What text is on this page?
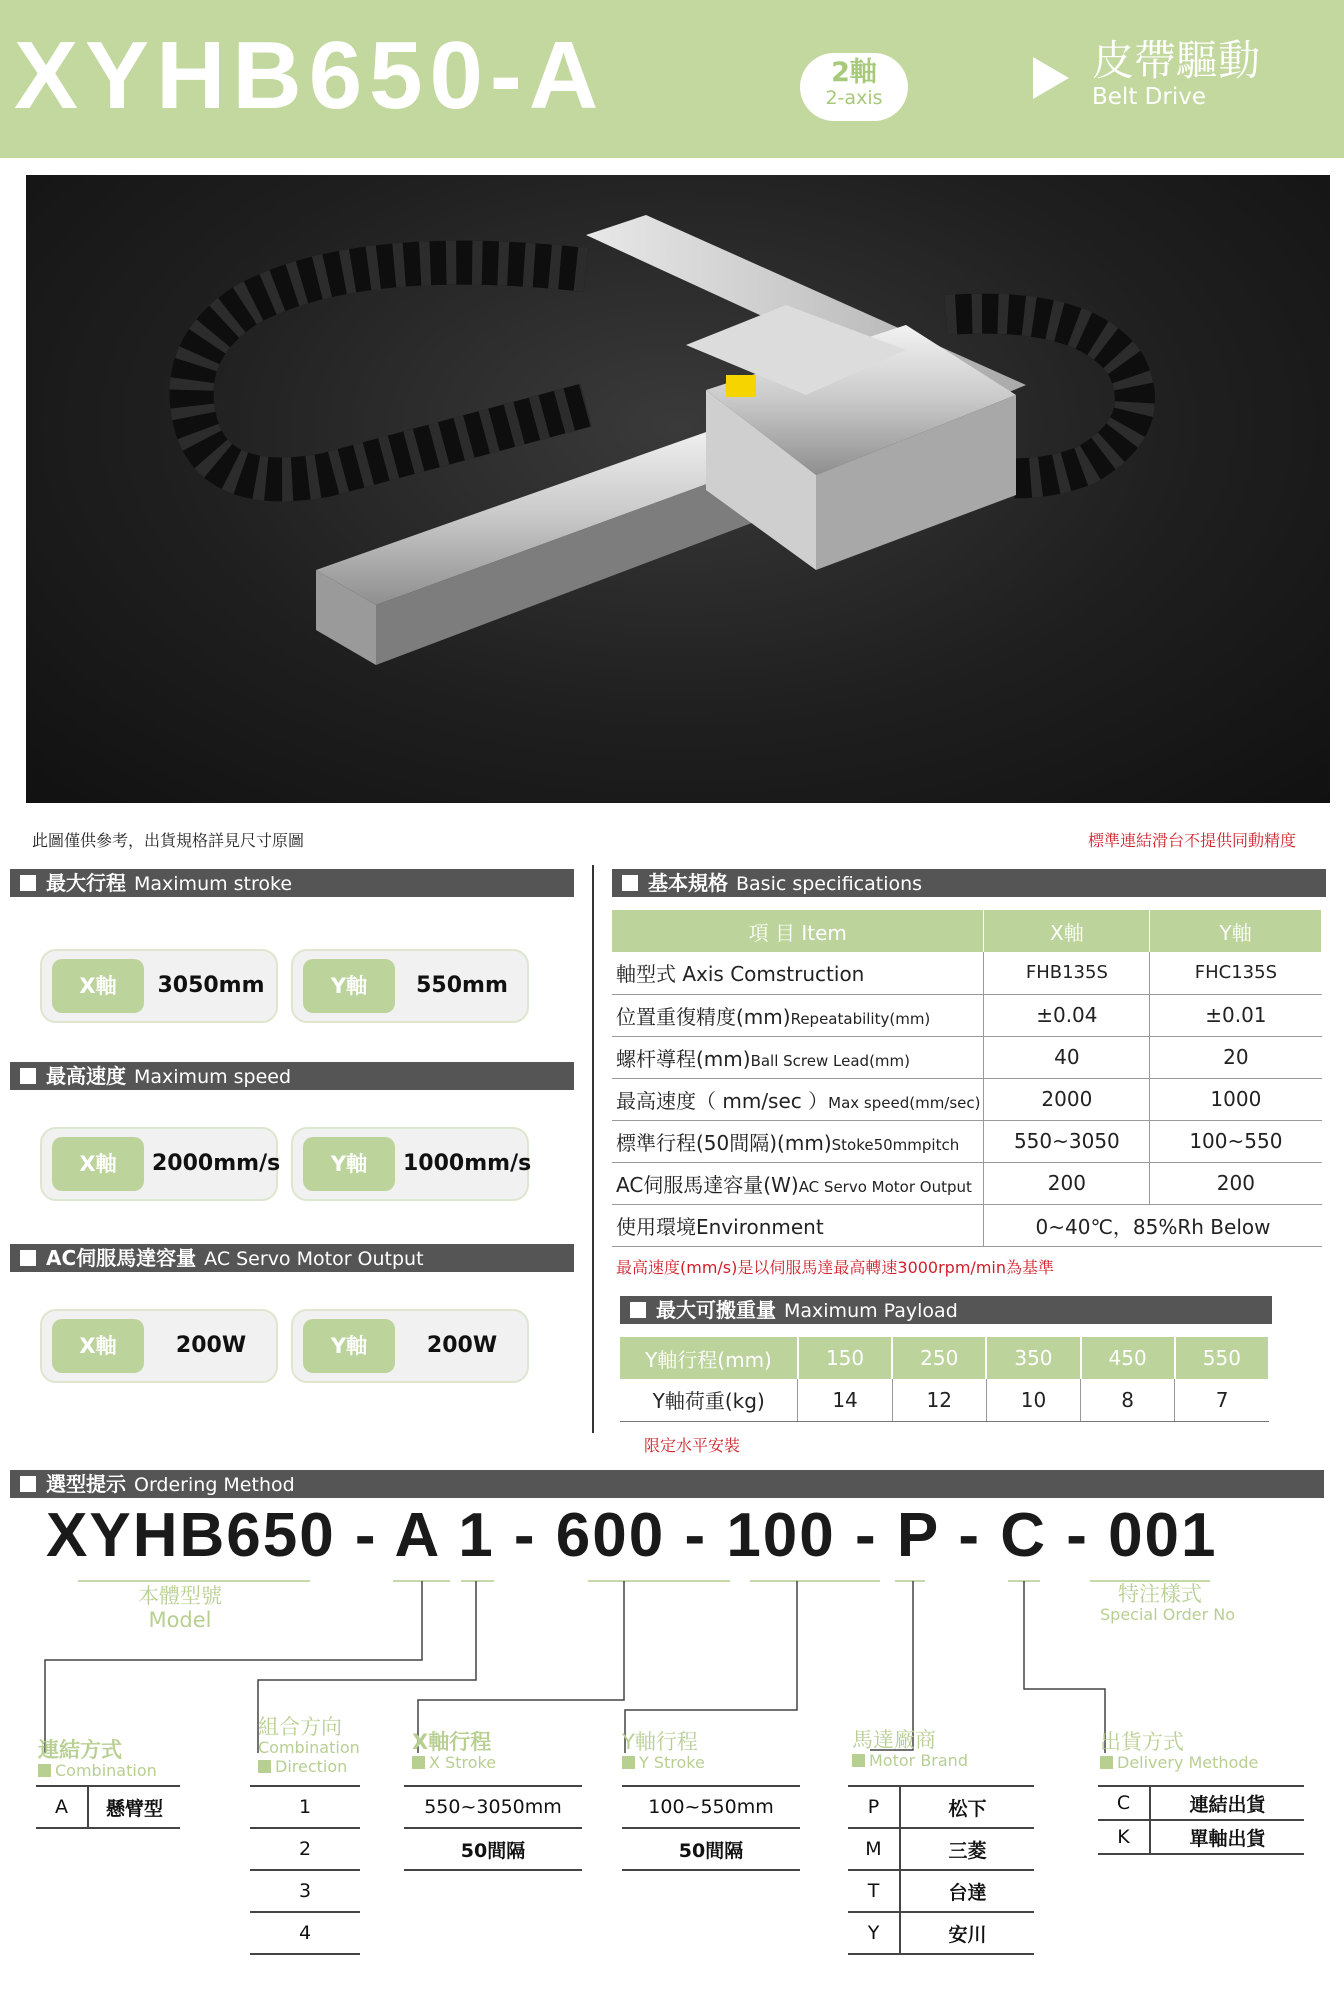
XYHB650-A	2軸
2-axis
皮帶驅動
Belt Drive
此圖僅供參考，出貨規格詳見尺寸原圖	標準連結滑台不提供同動精度
最大行程 Maximum stroke
X軸	3050mm	Y軸	550mm
最高速度 Maximum speed
X軸	2000mm/s	Y軸	1000mm/s
AC伺服馬達容量 AC Servo Motor Output
X軸	200W	Y軸	200W
基本規格 Basic specifications
項 目 Item	X軸	Y軸
軸型式 Axis Comstruction	FHB135S	FHC135S
位置重復精度(mm)Repeatability(mm)	±0.04	±0.01
螺杆導程(mm)Ball Screw Lead(mm)	40	20
最高速度（ mm/sec ）Max speed(mm/sec)	2000	1000
標準行程(50間隔)(mm)Stoke50mmpitch	550~3050	100~550
AC伺服馬達容量(W)AC Servo Motor Output	200	200
使用環境Environment	0~40℃，85%Rh Below	
最高速度(mm/s)是以伺服馬達最高轉速3000rpm/min為基準
最大可搬重量 Maximum Payload
Y軸行程(mm)	150	250	350	450	550
Y軸荷重(kg)	14	12	10	8	7
限定水平安裝
選型提示 Ordering Method
XYHB650 - A 1 - 600 - 100 - P - C - 001
本體型號
Model
特注樣式
Special Order No
連結方式
Combination
A	懸臂型
組合方向
Combination
Direction
1
2
3
4
X軸行程
X Stroke
550~3050mm
50間隔
Y軸行程
Y Stroke
100~550mm
50間隔
馬達廠商
Motor Brand
P	松下
M	三菱
T	台達
Y	安川
出貨方式
Delivery Methode
C	連結出貨
K	單軸出貨
